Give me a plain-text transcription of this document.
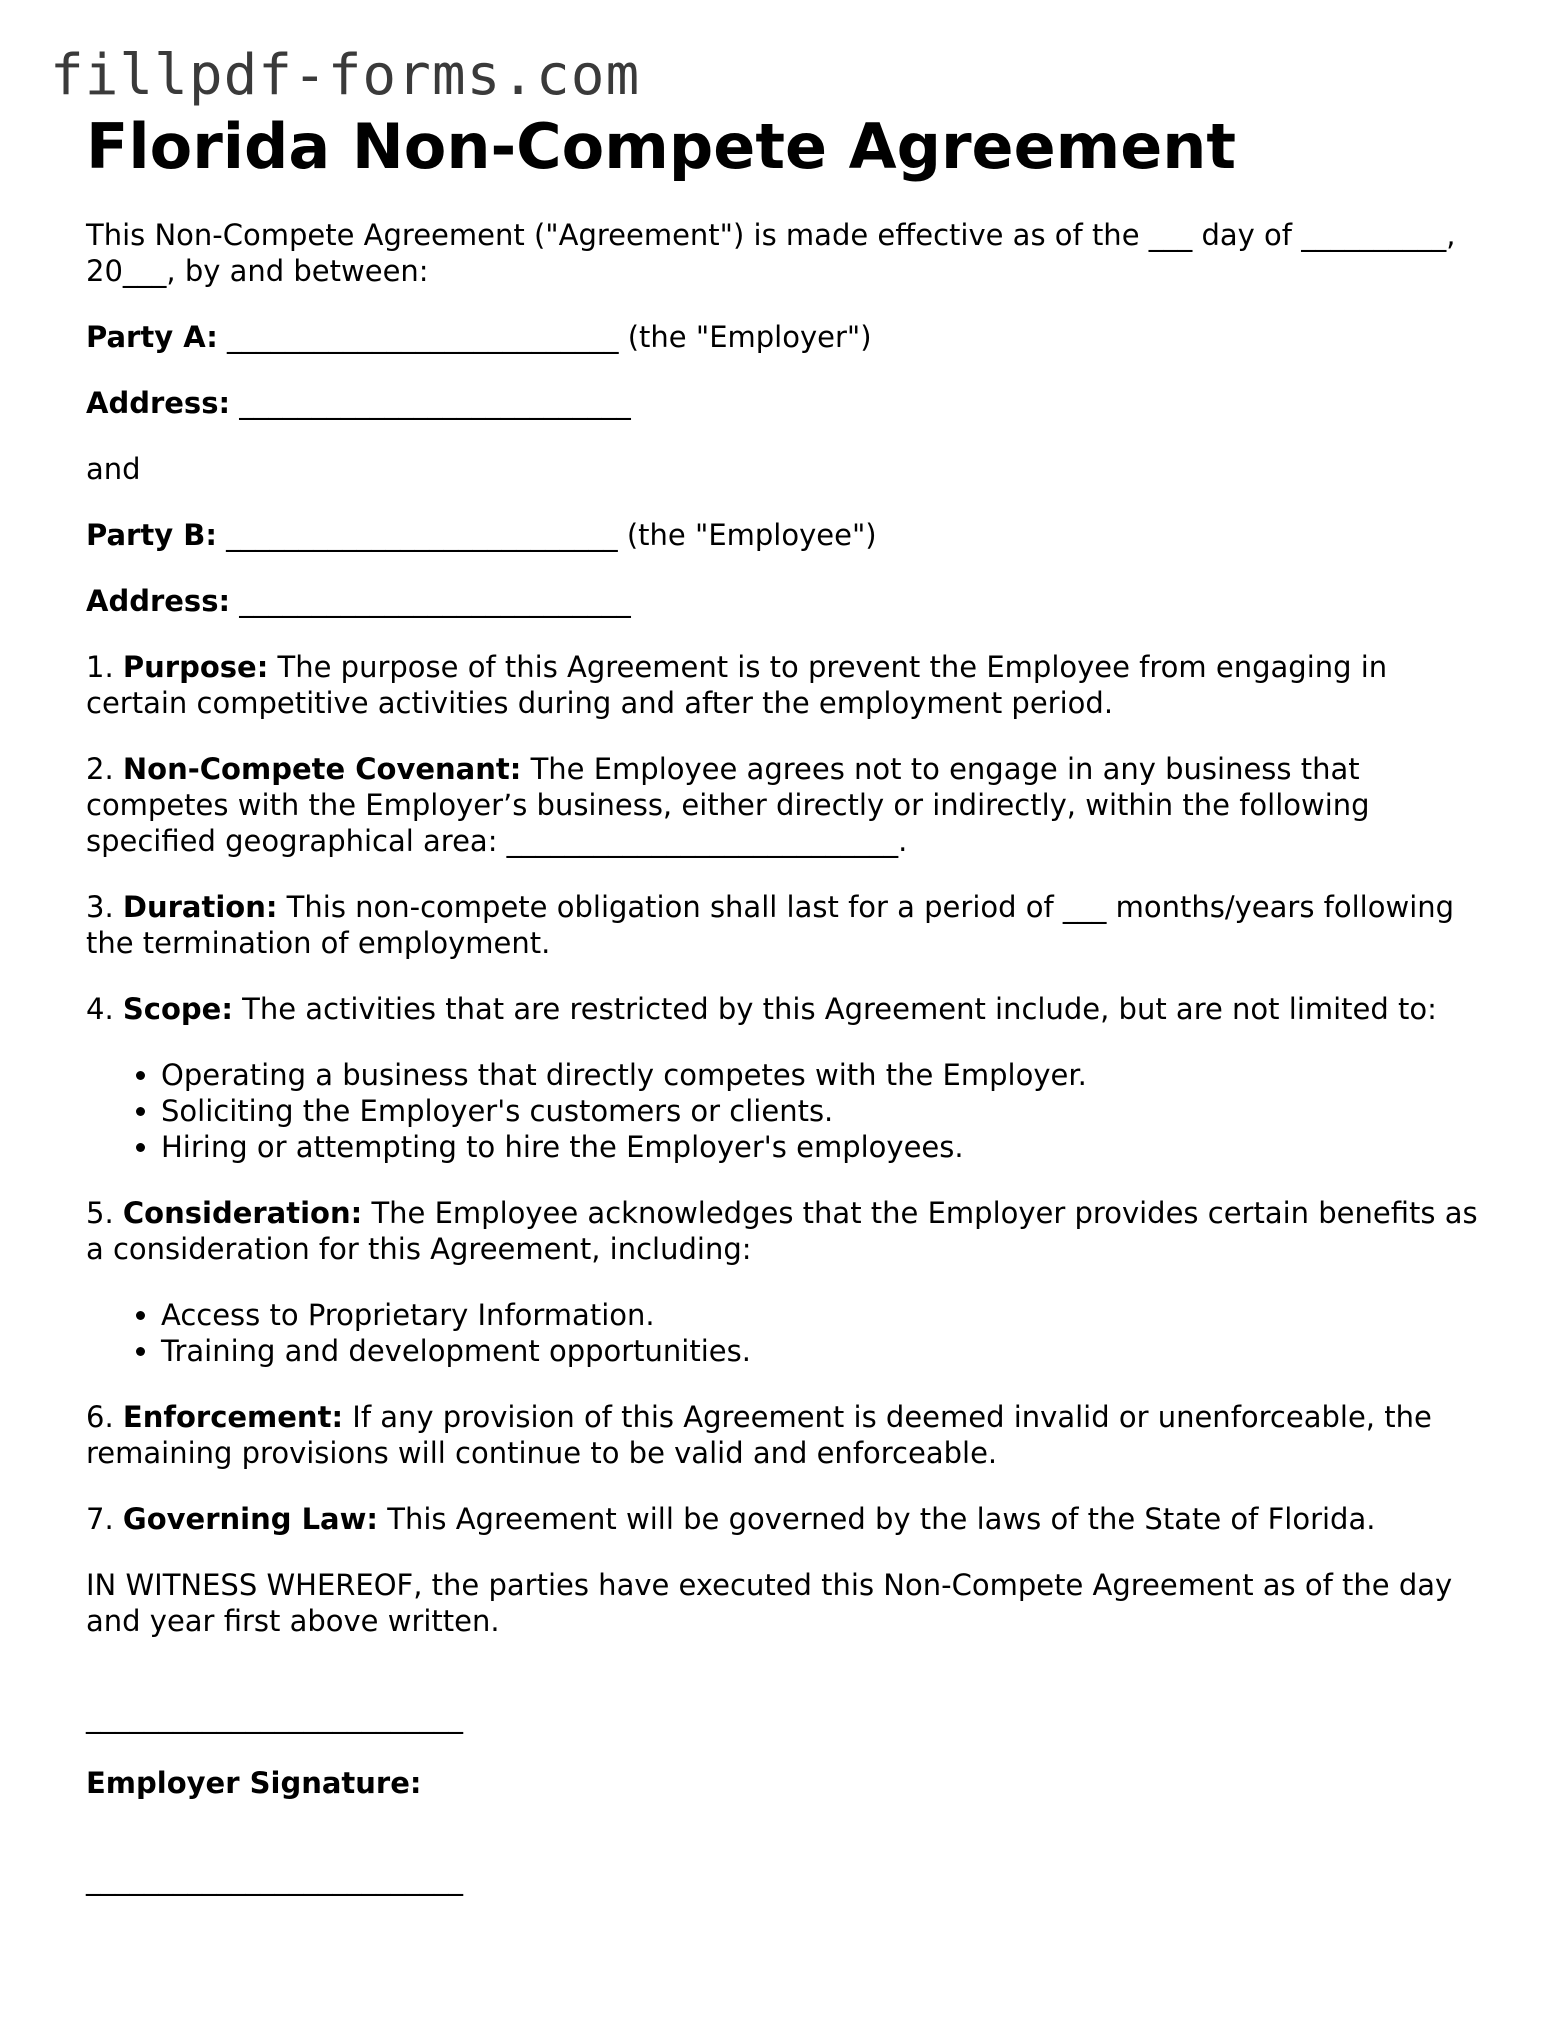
fillpdf-forms.com
Florida Non-Compete Agreement

This Non-Compete Agreement ("Agreement") is made effective as of the ___ day of __________, 20___, by and between:

Party A: ___________________________ (the "Employer")

Address: ___________________________

and

Party B: ___________________________ (the "Employee")

Address: ___________________________

1. Purpose: The purpose of this Agreement is to prevent the Employee from engaging in certain competitive activities during and after the employment period.

2. Non-Compete Covenant: The Employee agrees not to engage in any business that competes with the Employer’s business, either directly or indirectly, within the following specified geographical area: ___________________________.

3. Duration: This non-compete obligation shall last for a period of ___ months/years following the termination of employment.

4. Scope: The activities that are restricted by this Agreement include, but are not limited to:

• Operating a business that directly competes with the Employer.
• Soliciting the Employer's customers or clients.
• Hiring or attempting to hire the Employer's employees.

5. Consideration: The Employee acknowledges that the Employer provides certain benefits as a consideration for this Agreement, including:

• Access to Proprietary Information.
• Training and development opportunities.

6. Enforcement: If any provision of this Agreement is deemed invalid or unenforceable, the remaining provisions will continue to be valid and enforceable.

7. Governing Law: This Agreement will be governed by the laws of the State of Florida.

IN WITNESS WHEREOF, the parties have executed this Non-Compete Agreement as of the day and year first above written.

__________________________

Employer Signature:

__________________________
